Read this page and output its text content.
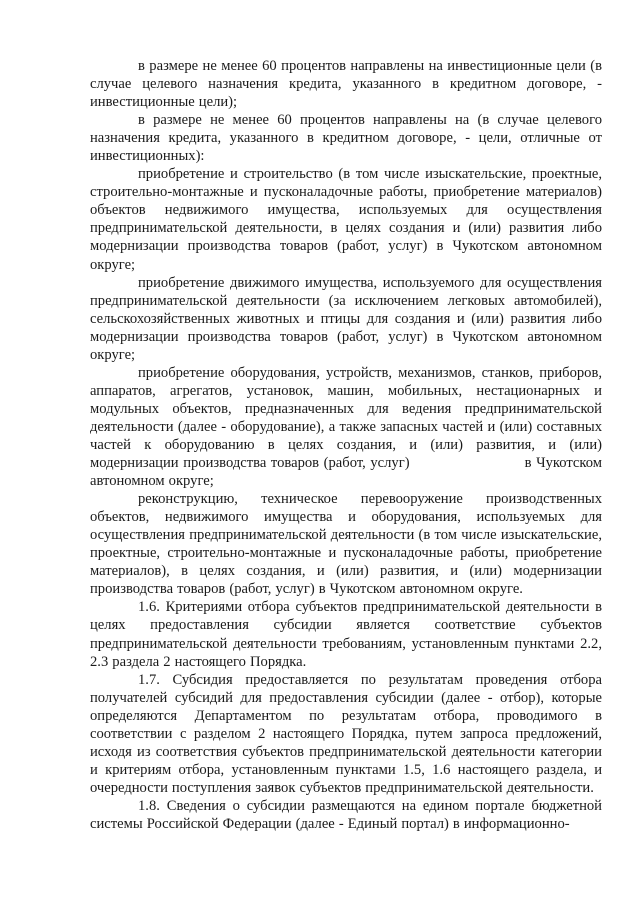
в размере не менее 60 процентов направлены на инвестиционные цели (в случае целевого назначения кредита, указанного в кредитном договоре, - инвестиционные цели);

в размере не менее 60 процентов направлены на (в случае целевого назначения кредита, указанного в кредитном договоре, - цели, отличные от инвестиционных):

приобретение и строительство (в том числе изыскательские, проектные, строительно-монтажные и пусконаладочные работы, приобретение материалов) объектов недвижимого имущества, используемых для осуществления предпринимательской деятельности, в целях создания и (или) развития либо модернизации производства товаров (работ, услуг) в Чукотском автономном округе;

приобретение движимого имущества, используемого для осуществления предпринимательской деятельности (за исключением легковых автомобилей), сельскохозяйственных животных и птицы для создания и (или) развития либо модернизации производства товаров (работ, услуг) в Чукотском автономном округе;

приобретение оборудования, устройств, механизмов, станков, приборов, аппаратов, агрегатов, установок, машин, мобильных, нестационарных и модульных объектов, предназначенных для ведения предпринимательской деятельности (далее - оборудование), а также запасных частей и (или) составных частей к оборудованию в целях создания, и (или) развития, и (или) модернизации производства товаров (работ, услуг)                         в Чукотском автономном округе;

реконструкцию, техническое перевооружение производственных объектов, недвижимого имущества и оборудования, используемых для осуществления предпринимательской деятельности (в том числе изыскательские, проектные, строительно-монтажные и пусконаладочные работы, приобретение материалов), в целях создания, и (или) развития, и (или) модернизации производства товаров (работ, услуг) в Чукотском автономном округе.

1.6. Критериями отбора субъектов предпринимательской деятельности в целях предоставления субсидии является соответствие субъектов предпринимательской деятельности требованиям, установленным пунктами 2.2, 2.3 раздела 2 настоящего Порядка.

1.7. Субсидия предоставляется по результатам проведения отбора получателей субсидий для предоставления субсидии (далее - отбор), которые определяются Департаментом по результатам отбора, проводимого в соответствии с разделом 2 настоящего Порядка, путем запроса предложений, исходя из соответствия субъектов предпринимательской деятельности категории и критериям отбора, установленным пунктами 1.5, 1.6 настоящего раздела, и очередности поступления заявок субъектов предпринимательской деятельности.

1.8. Сведения о субсидии размещаются на едином портале бюджетной системы Российской Федерации (далее - Единый портал) в информационно-
